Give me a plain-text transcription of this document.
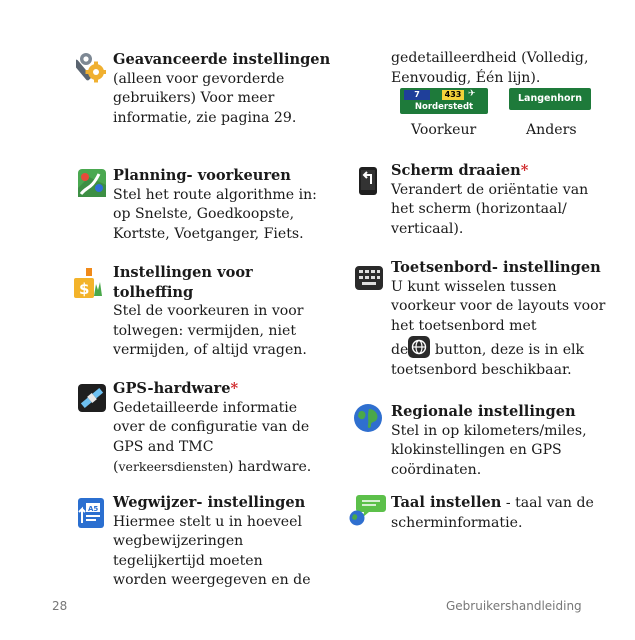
Geavanceerde instellingen
(alleen voor gevorderde gebruikers) Voor meer informatie, zie pagina 29.
Planning- voorkeuren
Stel het route algorithme in: op Snelste, Goedkoopste, Kortste, Voetganger, Fiets.
$
Instellingen voor tolheffing
Stel de voorkeuren in voor tolwegen: vermijden, niet vermijden, of altijd vragen.
GPS-hardware*
Gedetailleerde informatie over de configuratie van de GPS and TMC
(verkeersdiensten) hardware.
A5 Wegwijzer- instellingen
Hiermee stelt u in hoeveel wegbewijzeringen tegelijkertijd moeten worden weergegeven en de
gedetailleerdheid (Volledig, Eenvoudig, Één lijn).
7	433 ✈
Norderstedt
Langenhorn
Voorkeur	Anders
Scherm draaien*
Verandert de oriëntatie van het scherm (horizontaal/ verticaal).
Toetsenbord- instellingen
U kunt wisselen tussen voorkeur voor de layouts voor het toetsenbord met
de
button, deze is in elk toetsenbord beschikbaar.
Regionale instellingen
Stel in op kilometers/miles, klokinstellingen en GPS coördinaten.
Taal instellen - taal van de scherminformatie.
28	Gebruikershandleiding
